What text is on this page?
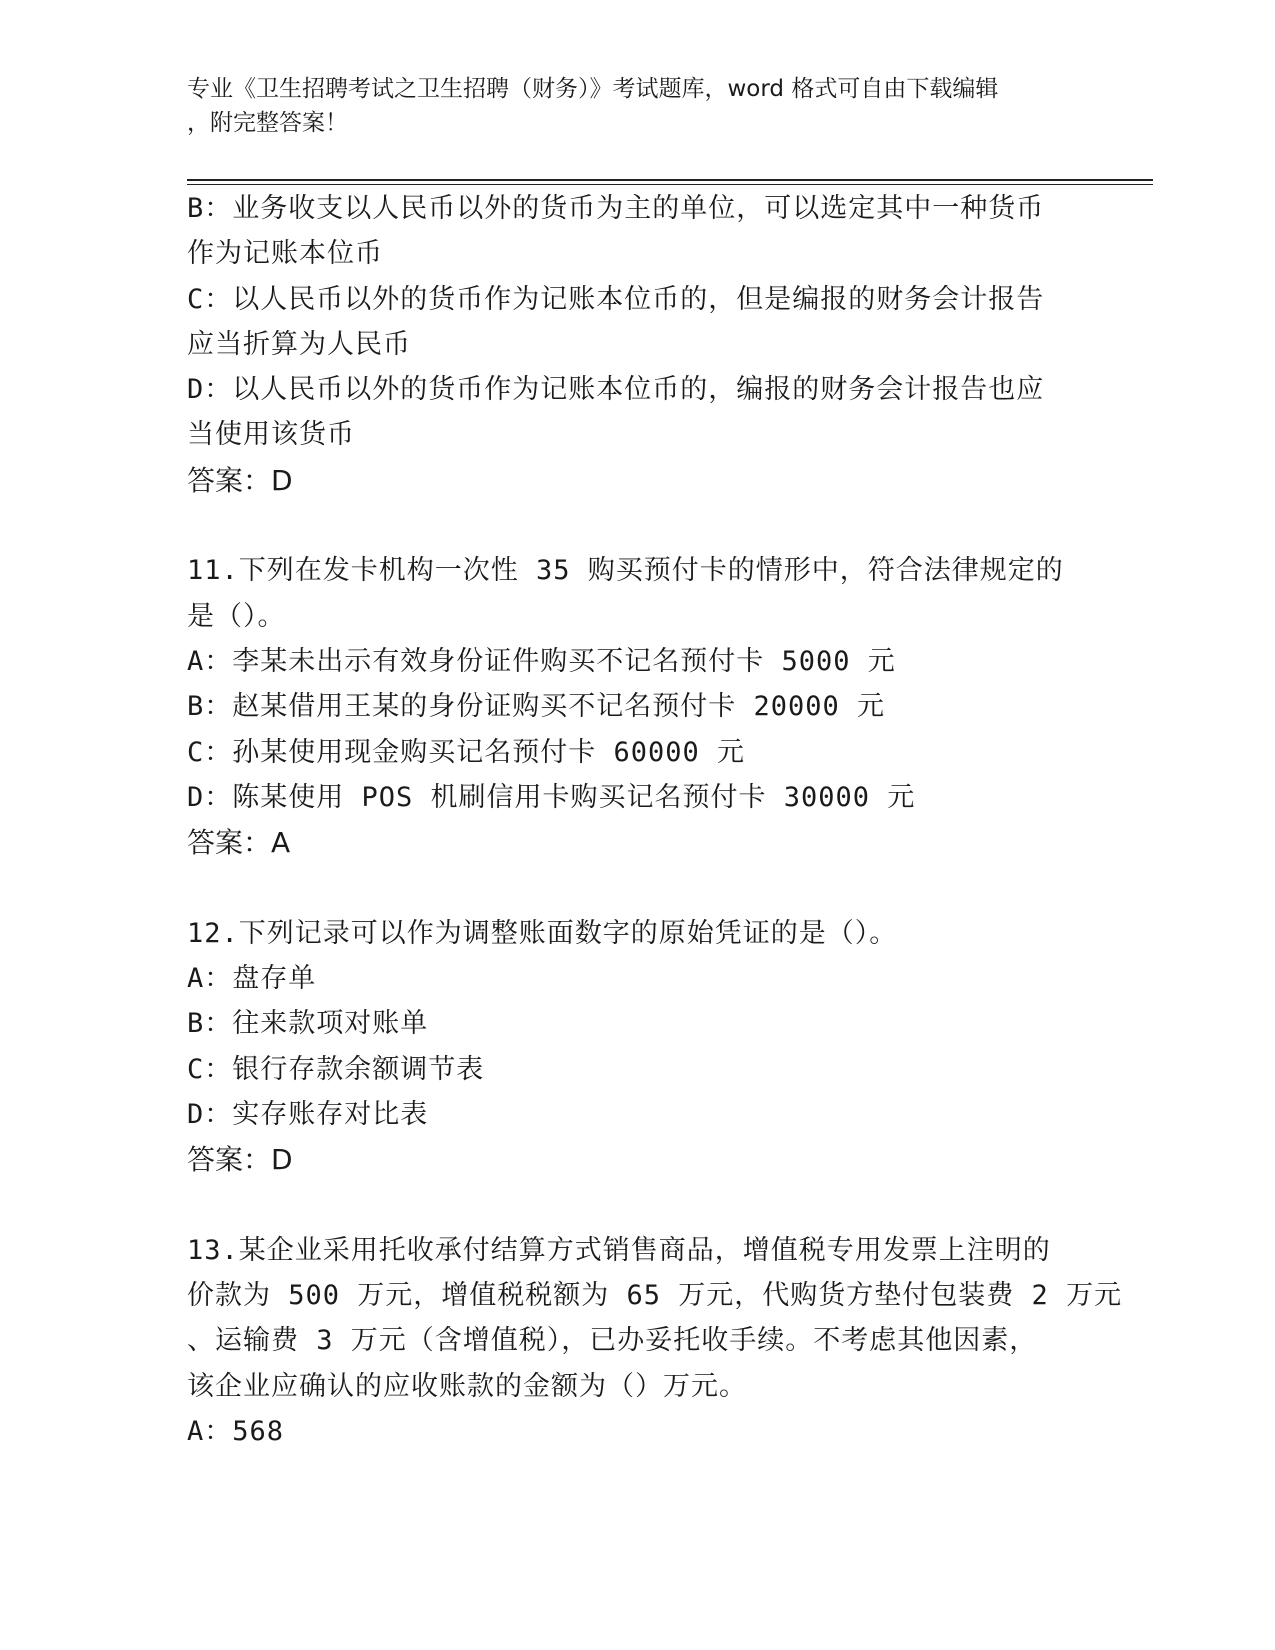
专业《卫生招聘考试之卫生招聘（财务）》考试题库，word 格式可自由下载编辑
，附完整答案！
B：业务收支以人民币以外的货币为主的单位，可以选定其中一种货币
作为记账本位币
C：以人民币以外的货币作为记账本位币的，但是编报的财务会计报告
应当折算为人民币
D：以人民币以外的货币作为记账本位币的，编报的财务会计报告也应
当使用该货币
答案：D
11.下列在发卡机构一次性 35 购买预付卡的情形中，符合法律规定的
是（）。
A：李某未出示有效身份证件购买不记名预付卡 5000 元
B：赵某借用王某的身份证购买不记名预付卡 20000 元
C：孙某使用现金购买记名预付卡 60000 元
D：陈某使用 POS 机刷信用卡购买记名预付卡 30000 元
答案：A
12.下列记录可以作为调整账面数字的原始凭证的是（）。
A：盘存单
B：往来款项对账单
C：银行存款余额调节表
D：实存账存对比表
答案：D
13.某企业采用托收承付结算方式销售商品，增值税专用发票上注明的
价款为 500 万元，增值税税额为 65 万元，代购货方垫付包装费 2 万元
、运输费 3 万元（含增值税），已办妥托收手续。不考虑其他因素，
该企业应确认的应收账款的金额为（）万元。
A：568
